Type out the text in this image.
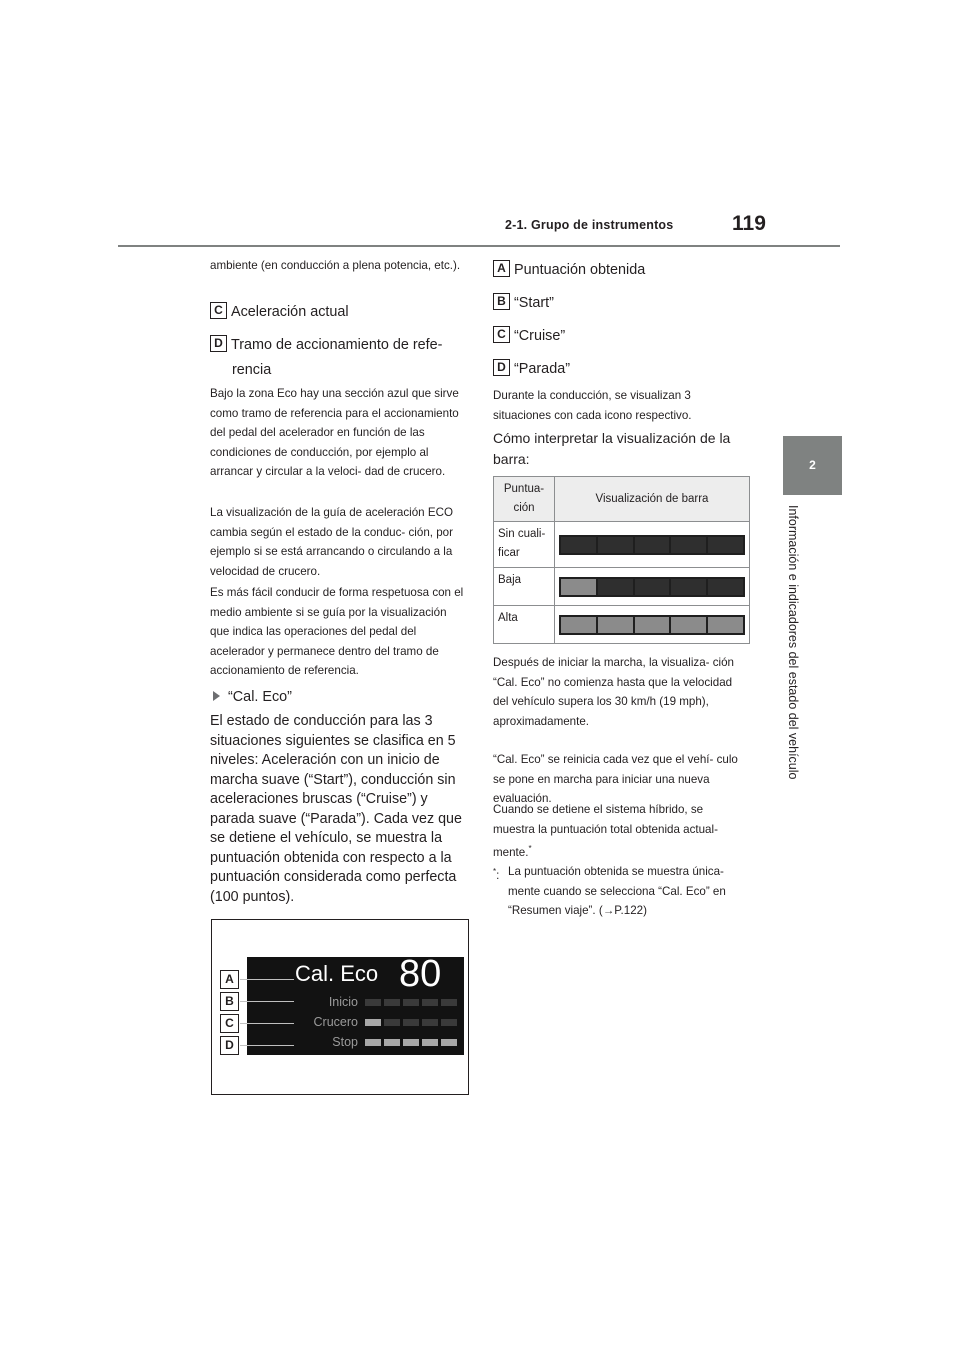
2-1. Grupo de instrumentos	119
2
Información e indicadores del estado del vehículo
ambiente (en conducción a plena potencia, etc.).
C Aceleración actual
D Tramo de accionamiento de refe-
rencia
Bajo la zona Eco hay una sección azul que sirve como tramo de referencia para el accionamiento del pedal del acelerador en función de las condiciones de conducción, por ejemplo al arrancar y circular a la veloci- dad de crucero.
La visualización de la guía de aceleración ECO cambia según el estado de la conduc- ción, por ejemplo si se está arrancando o circulando a la velocidad de crucero.
Es más fácil conducir de forma respetuosa con el medio ambiente si se guía por la visualización que indica las operaciones del pedal del acelerador y permanece dentro del tramo de accionamiento de referencia.
“Cal. Eco”
El estado de conducción para las 3 situaciones siguientes se clasifica en 5 niveles: Aceleración con un inicio de marcha suave (“Start”), conducción sin aceleraciones bruscas (“Cruise”) y parada suave (“Parada”). Cada vez que se detiene el vehículo, se muestra la puntuación obtenida con respecto a la puntuación considerada como perfecta (100 puntos).
Cal. Eco 80
Inicio
Crucero
Stop
A
B
C
D
A Puntuación obtenida
B “Start”
C “Cruise”
D “Parada”
Durante la conducción, se visualizan 3 situaciones con cada icono respectivo.
Cómo interpretar la visualización de la barra:
Puntua- ción	Visualización de barra
Sin cuali- ficar	

Baja	

Alta	
Después de iniciar la marcha, la visualiza- ción “Cal. Eco” no comienza hasta que la velocidad del vehículo supera los 30 km/h (19 mph), aproximadamente.
“Cal. Eco” se reinicia cada vez que el vehí- culo se pone en marcha para iniciar una nueva evaluación.
Cuando se detiene el sistema híbrido, se muestra la puntuación total obtenida actual- mente.*
*: La puntuación obtenida se muestra única- mente cuando se selecciona “Cal. Eco” en “Resumen viaje”. (→P.122)
